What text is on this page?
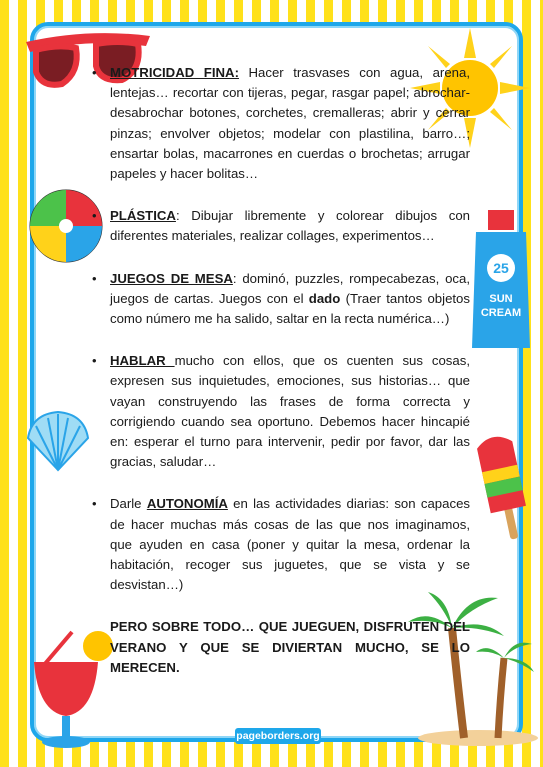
25
SUN
CREAM
• MOTRICIDAD FINA: Hacer trasvases con agua, arena, lentejas… recortar con tijeras, pegar, rasgar papel; abrochar-desabrochar botones, corchetes, cremalleras; abrir y cerrar pinzas; envolver objetos; modelar con plastilina, barro…; ensartar bolas, macarrones en cuerdas o brochetas; arrugar papeles y hacer bolitas…
• PLÁSTICA: Dibujar libremente y colorear dibujos con diferentes materiales, realizar collages, experimentos…
• JUEGOS DE MESA: dominó, puzzles, rompecabezas, oca, juegos de cartas. Juegos con el dado (Traer tantos objetos como número me ha salido, saltar en la recta numérica…)
• HABLAR mucho con ellos, que os cuenten sus cosas, expresen sus inquietudes, emociones, sus historias… que vayan construyendo las frases de forma correcta y corrigiendo cuando sea oportuno. Debemos hacer hincapié en: esperar el turno para intervenir, pedir por favor, dar las gracias, saludar…
• Darle AUTONOMÍA en las actividades diarias: son capaces de hacer muchas más cosas de las que nos imaginamos, que ayuden en casa (poner y quitar la mesa, ordenar la habitación, recoger sus juguetes, que se vista y se desvistan…)
PERO SOBRE TODO… QUE JUEGUEN, DISFRUTEN DEL VERANO Y QUE SE DIVIERTAN MUCHO, SE LO MERECEN.
pageborders.org
